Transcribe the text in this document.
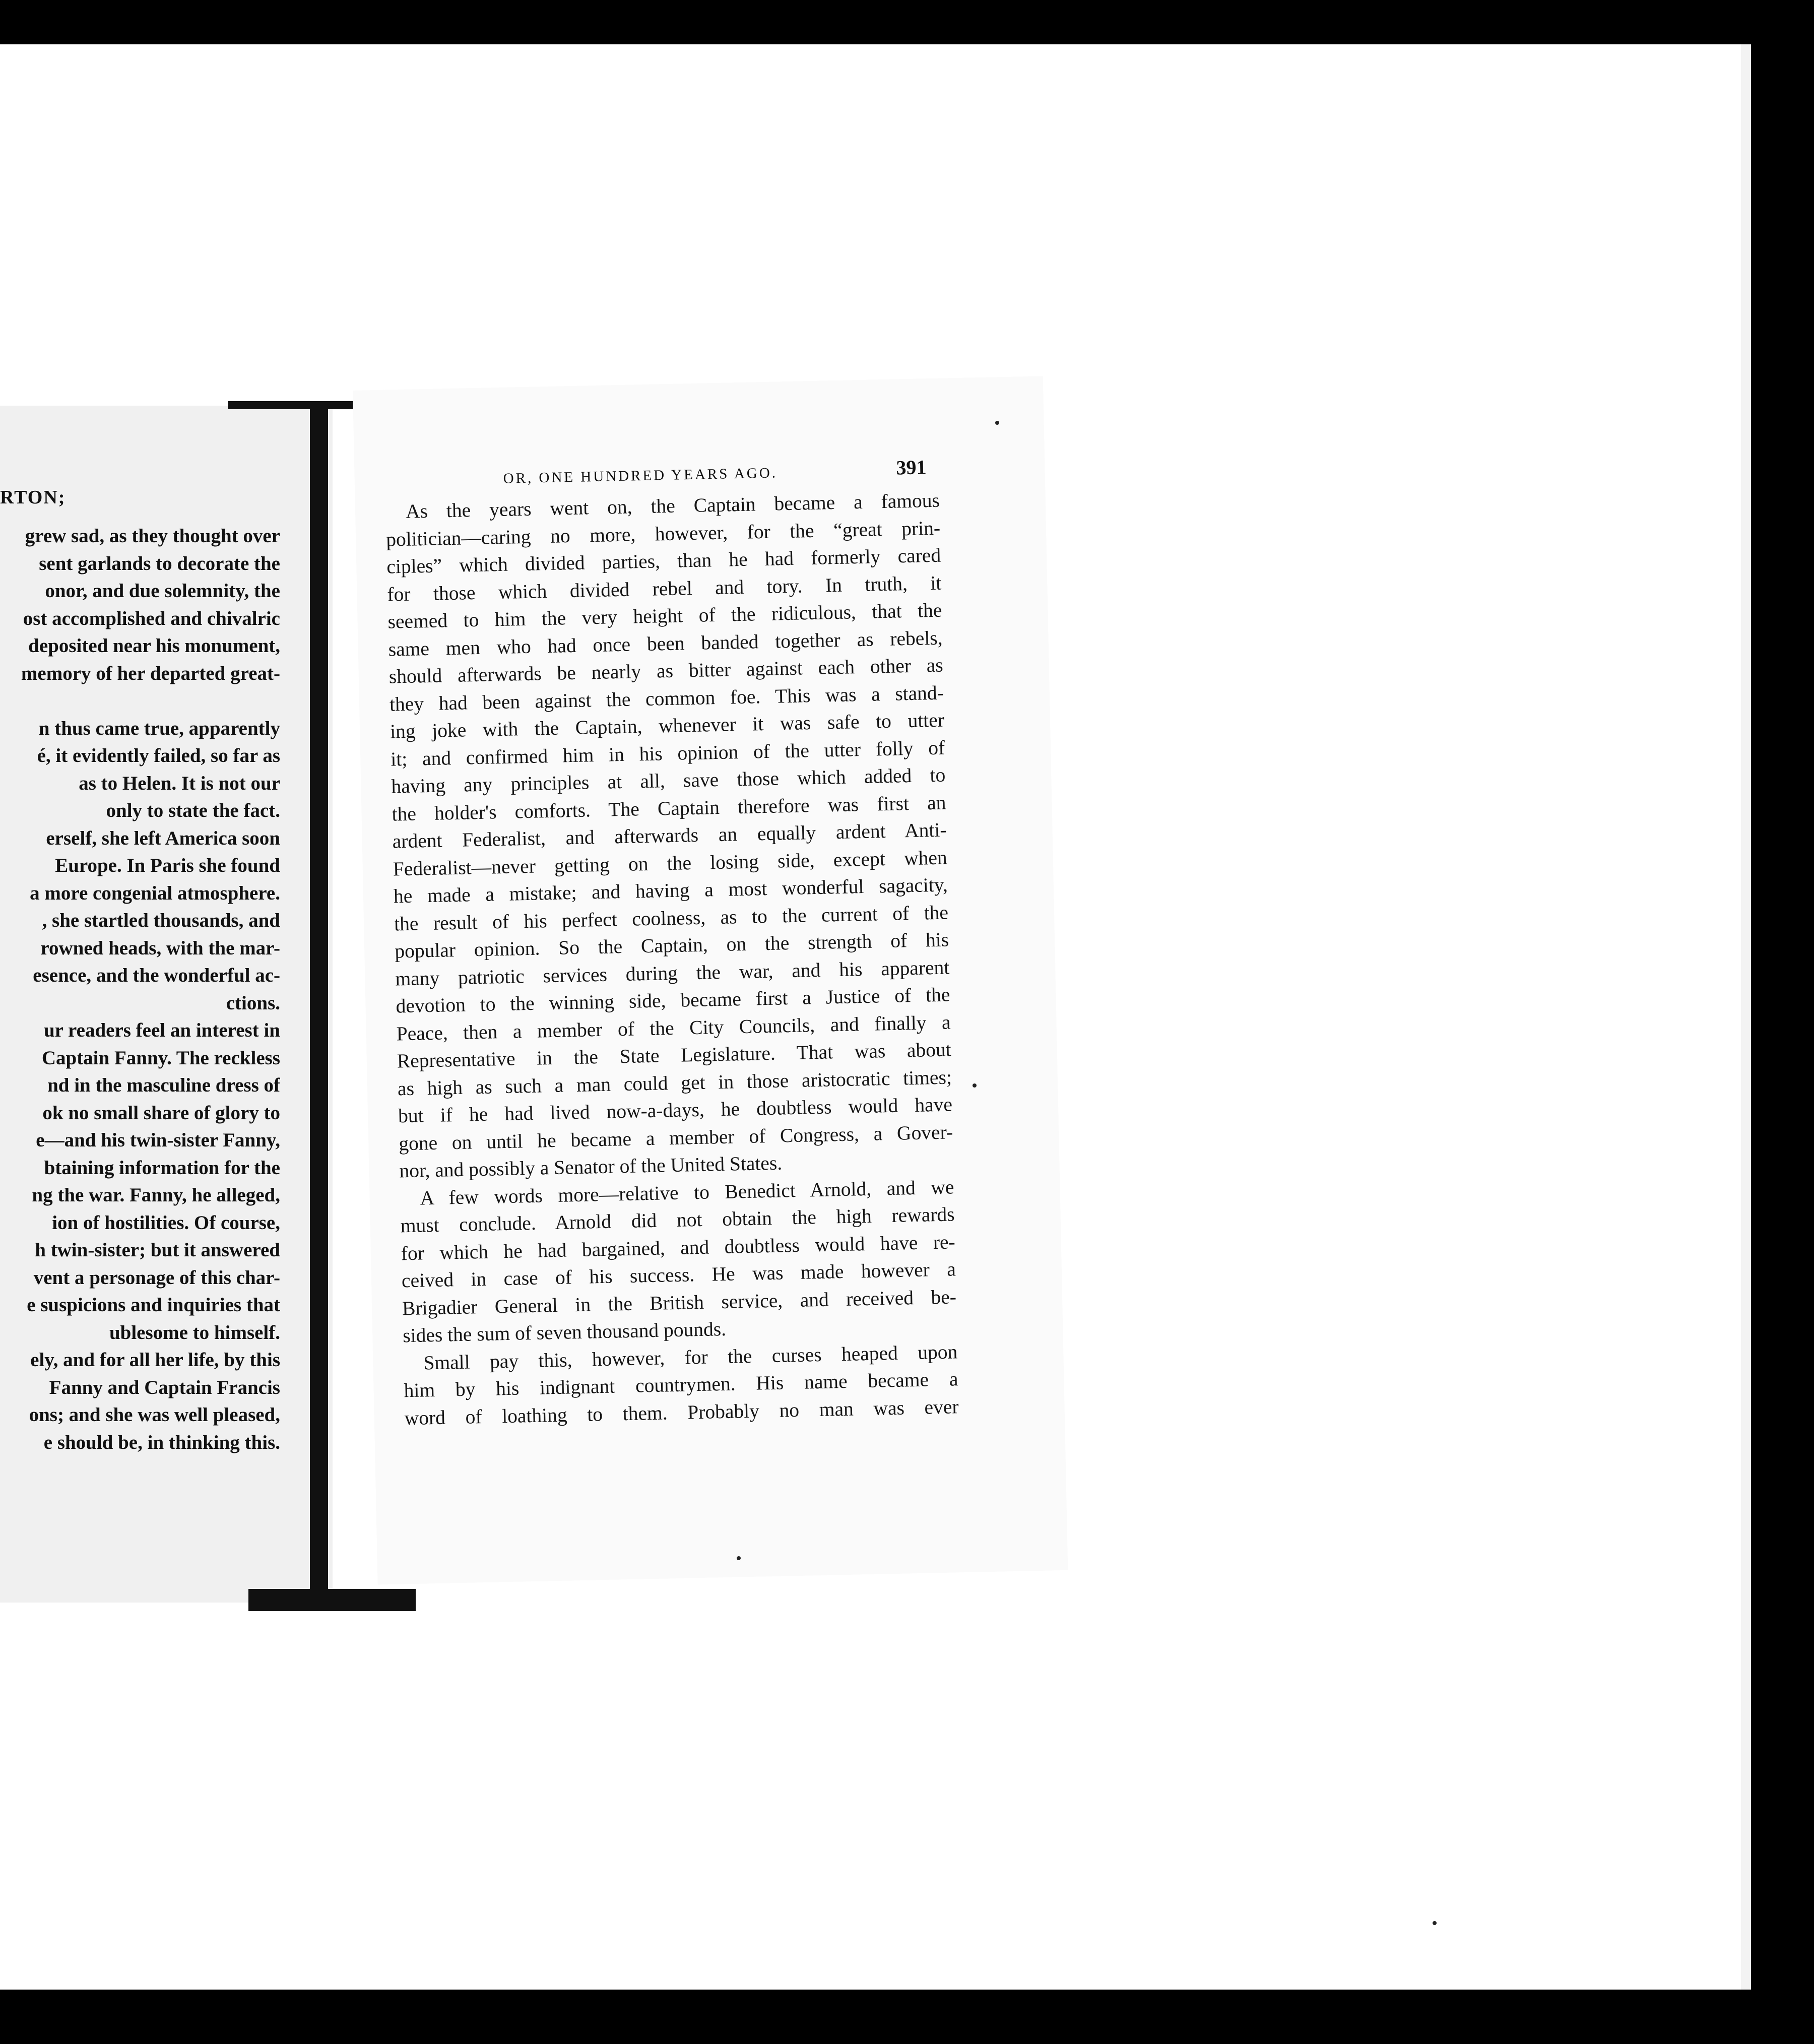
RTON;
grew sad, as they thought over
sent garlands to decorate the
onor, and due solemnity, the
ost accomplished and chivalric
deposited near his monument,
memory of her departed great-
n thus came true, apparently
é, it evidently failed, so far as
as to Helen. It is not our
only to state the fact.
erself, she left America soon
Europe. In Paris she found
a more congenial atmosphere.
, she startled thousands, and
rowned heads, with the mar-
esence, and the wonderful ac-
ctions.
ur readers feel an interest in
Captain Fanny. The reckless
nd in the masculine dress of
ok no small share of glory to
e—and his twin-sister Fanny,
btaining information for the
ng the war. Fanny, he alleged,
ion of hostilities. Of course,
h twin-sister; but it answered
vent a personage of this char-
e suspicions and inquiries that
ublesome to himself.
ely, and for all her life, by this
Fanny and Captain Francis
ons; and she was well pleased,
e should be, in thinking this.
OR, ONE HUNDRED YEARS AGO.	391
As the years went on, the Captain became a famous
politician—caring no more, however, for the “great prin-
ciples” which divided parties, than he had formerly cared
for those which divided rebel and tory. In truth, it
seemed to him the very height of the ridiculous, that the
same men who had once been banded together as rebels,
should afterwards be nearly as bitter against each other as
they had been against the common foe. This was a stand-
ing joke with the Captain, whenever it was safe to utter
it; and confirmed him in his opinion of the utter folly of
having any principles at all, save those which added to
the holder's comforts. The Captain therefore was first an
ardent Federalist, and afterwards an equally ardent Anti-
Federalist—never getting on the losing side, except when
he made a mistake; and having a most wonderful sagacity,
the result of his perfect coolness, as to the current of the
popular opinion. So the Captain, on the strength of his
many patriotic services during the war, and his apparent
devotion to the winning side, became first a Justice of the
Peace, then a member of the City Councils, and finally a
Representative in the State Legislature. That was about
as high as such a man could get in those aristocratic times;
but if he had lived now-a-days, he doubtless would have
gone on until he became a member of Congress, a Gover-
nor, and possibly a Senator of the United States.
A few words more—relative to Benedict Arnold, and we
must conclude. Arnold did not obtain the high rewards
for which he had bargained, and doubtless would have re-
ceived in case of his success. He was made however a
Brigadier General in the British service, and received be-
sides the sum of seven thousand pounds.
Small pay this, however, for the curses heaped upon
him by his indignant countrymen. His name became a
word of loathing to them. Probably no man was ever
